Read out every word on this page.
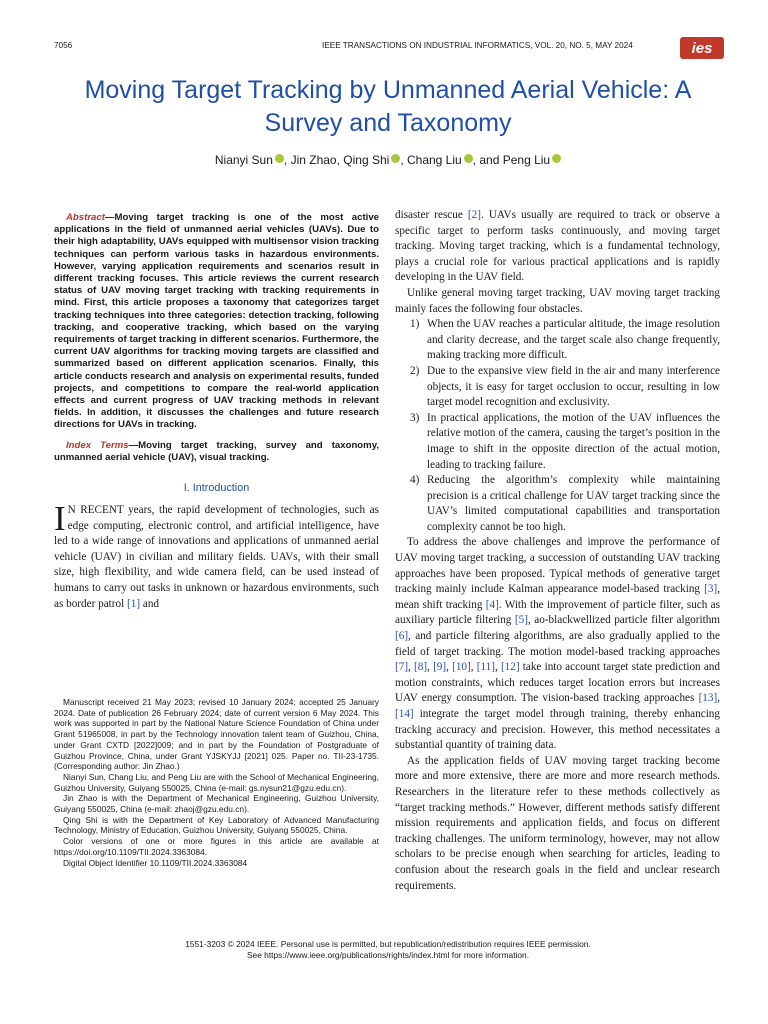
7056	IEEE TRANSACTIONS ON INDUSTRIAL INFORMATICS, VOL. 20, NO. 5, MAY 2024	ies
Moving Target Tracking by Unmanned Aerial Vehicle: A Survey and Taxonomy
Nianyi Sun , Jin Zhao, Qing Shi , Chang Liu , and Peng Liu

Abstract—Moving target tracking is one of the most active applications in the field of unmanned aerial vehicles (UAVs). Due to their high adaptability, UAVs equipped with multisensor vision tracking techniques can perform various tasks in hazardous environments. However, varying application requirements and scenarios result in different tracking focuses. This article reviews the current research status of UAV moving target tracking with tracking requirements in mind. First, this article proposes a taxonomy that categorizes target tracking techniques into three categories: detection tracking, following tracking, and cooperative tracking, which based on the varying requirements of target tracking in different scenarios. Furthermore, the current UAV algorithms for tracking moving targets are classified and summarized based on different application scenarios. Finally, this article conducts research and analysis on experimental results, funded projects, and competitions to compare the real-world application effects and current progress of UAV tracking methods in relevant fields. In addition, it discusses the challenges and future research directions for UAVs in tracking.

Index Terms—Moving target tracking, survey and taxonomy, unmanned aerial vehicle (UAV), visual tracking.

I. Introduction

I N RECENT years, the rapid development of technologies, such as edge computing, electronic control, and artificial intelligence, have led to a wide range of innovations and applications of unmanned aerial vehicle (UAV) in civilian and military fields. UAVs, with their small size, high flexibility, and wide camera field, can be used instead of humans to carry out tasks in unknown or hazardous environments, such as border patrol [1] and

Manuscript received 21 May 2023; revised 10 January 2024; accepted 25 January 2024. Date of publication 26 February 2024; date of current version 6 May 2024. This work was supported in part by the National Nature Science Foundation of China under Grant 51965008, in part by the Technology innovation talent team of Guizhou, China, under Grant CXTD [2022]009; and in part by the Foundation of Postgraduate of Guizhou Province, China, under Grant YJSKYJJ [2021] 025. Paper no. TII-23-1735. (Corresponding author: Jin Zhao.)

Nianyi Sun, Chang Liu, and Peng Liu are with the School of Mechanical Engineering, Guizhou University, Guiyang 550025, China (e-mail: gs.nysun21@gzu.edu.cn).

Jin Zhao is with the Department of Mechanical Engineering, Guizhou University, Guiyang 550025, China (e-mail: zhaoj@gzu.edu.cn).

Qing Shi is with the Department of Key Laboratory of Advanced Manufacturing Technology, Ministry of Education, Guizhou University, Guiyang 550025, China.

Color versions of one or more figures in this article are available at https://doi.org/10.1109/TII.2024.3363084.

Digital Object Identifier 10.1109/TII.2024.3363084

disaster rescue [2]. UAVs usually are required to track or observe a specific target to perform tasks continuously, and moving target tracking. Moving target tracking, which is a fundamental technology, plays a crucial role for various practical applications and is rapidly developing in the UAV field.

Unlike general moving target tracking, UAV moving target tracking mainly faces the following four obstacles.

1) When the UAV reaches a particular altitude, the image resolution and clarity decrease, and the target scale also change frequently, making tracking more difficult.
2) Due to the expansive view field in the air and many interference objects, it is easy for target occlusion to occur, resulting in low target model recognition and exclusivity.
3) In practical applications, the motion of the UAV influences the relative motion of the camera, causing the target’s position in the image to shift in the opposite direction of the actual motion, leading to tracking failure.
4) Reducing the algorithm’s complexity while maintaining precision is a critical challenge for UAV target tracking since the UAV’s limited computational capabilities and transportation complexity cannot be too high.

To address the above challenges and improve the performance of UAV moving target tracking, a succession of outstanding UAV tracking approaches have been proposed. Typical methods of generative target tracking mainly include Kalman appearance model-based tracking [3], mean shift tracking [4]. With the improvement of particle filter, such as auxiliary particle filtering [5], ao-blackwellized particle filter algorithm [6], and particle filtering algorithms, are also gradually applied to the field of target tracking. The motion model-based tracking approaches [7], [8], [9], [10], [11], [12] take into account target state prediction and motion constraints, which reduces target location errors but increases UAV energy consumption. The vision-based tracking approaches [13], [14] integrate the target model through training, thereby enhancing tracking accuracy and precision. However, this method necessitates a substantial quantity of training data.

As the application fields of UAV moving target tracking become more and more extensive, there are more and more research methods. Researchers in the literature refer to these methods collectively as “target tracking methods.” However, different methods satisfy different mission requirements and application fields, and focus on different tracking challenges. The uniform terminology, however, may not allow scholars to be precise enough when searching for articles, leading to confusion about the research goals in the field and unclear research requirements.

1551-3203 © 2024 IEEE. Personal use is permitted, but republication/redistribution requires IEEE permission.
See https://www.ieee.org/publications/rights/index.html for more information.
